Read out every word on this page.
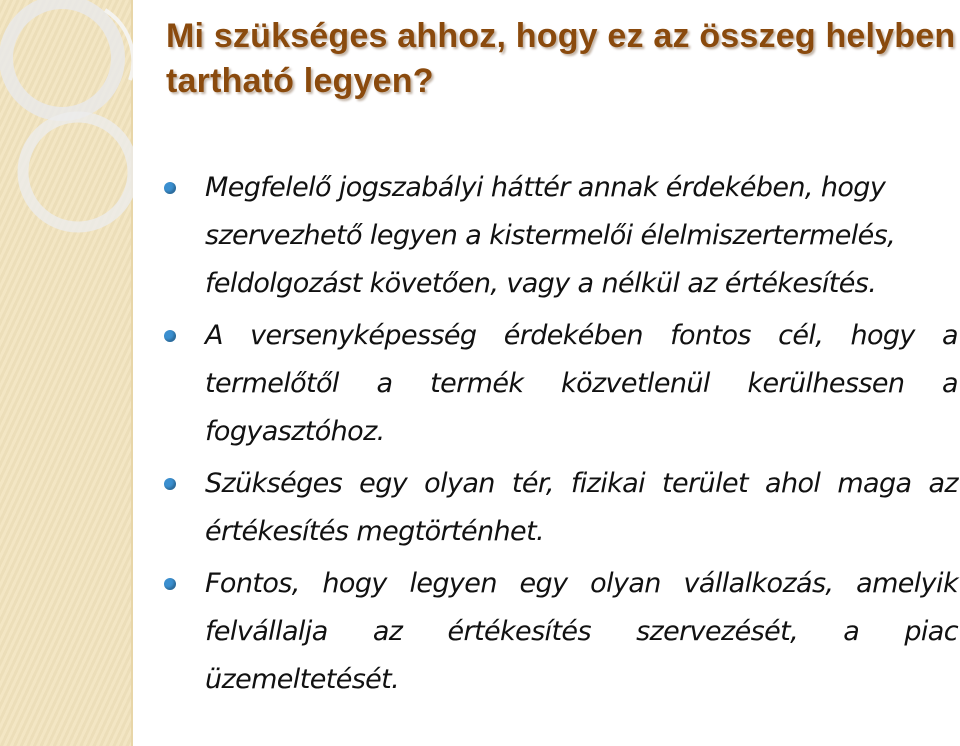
Mi szükséges ahhoz, hogy ez az összeg helyben tartható legyen?
Megfelelő jogszabályi háttér annak érdekében, hogy szervezhető legyen a kistermelői élelmiszertermelés, feldolgozást követően, vagy a nélkül az értékesítés.
A versenyképesség érdekében fontos cél, hogy a termelőtől a termék közvetlenül kerülhessen a fogyasztóhoz.
Szükséges egy olyan tér, fizikai terület ahol maga az értékesítés megtörténhet.
Fontos, hogy legyen egy olyan vállalkozás, amelyik felvállalja az értékesítés szervezését, a piac üzemeltetését.
